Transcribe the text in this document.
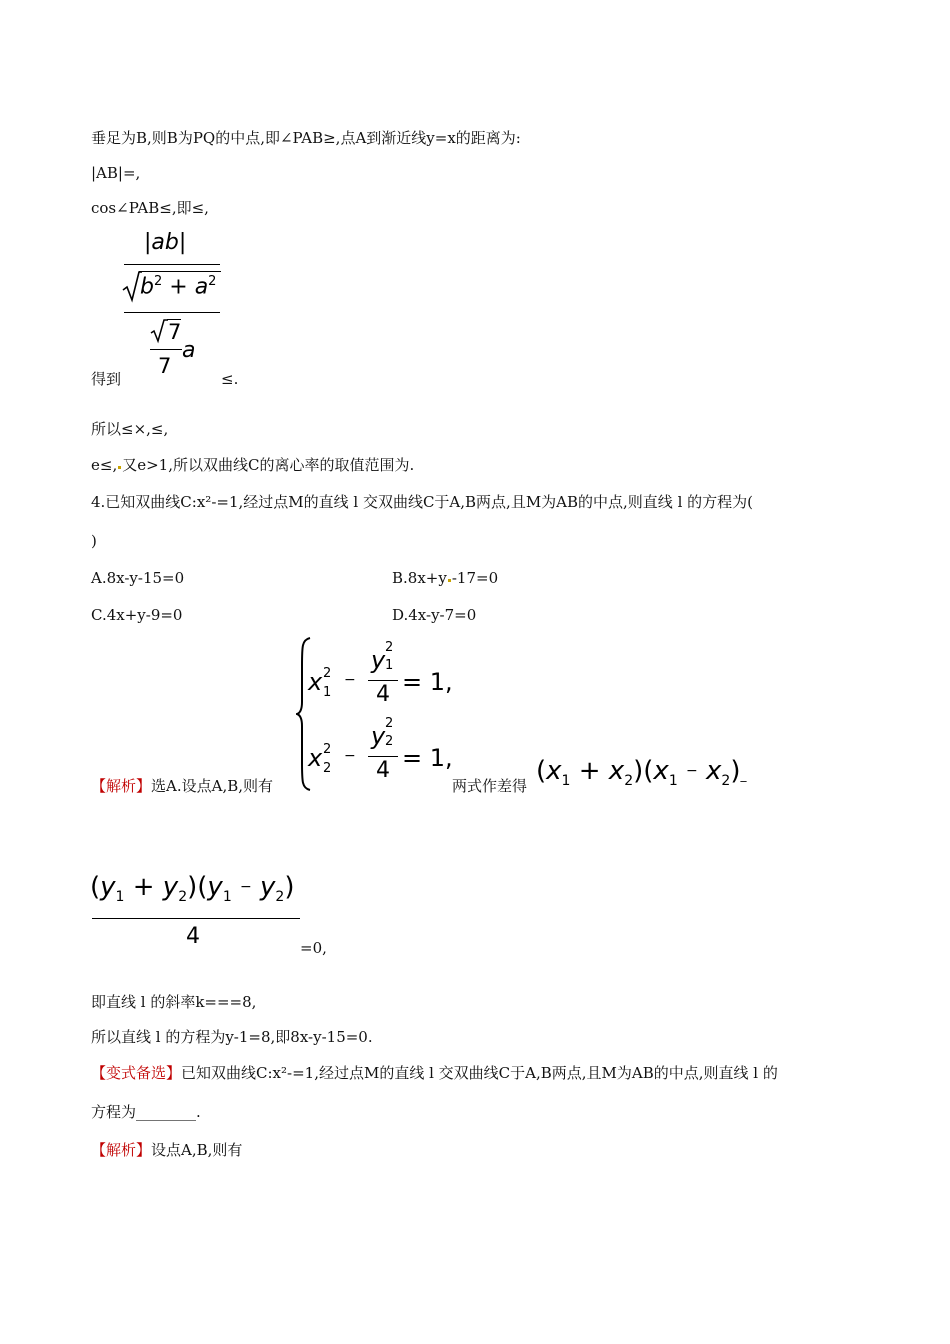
垂足为B,则B为PQ的中点,即∠PAB≥,点A到渐近线y=x的距离为:
|AB|=,
cos∠PAB≤,即≤,
|ab|
$b^2 + a^2$
7
7
a
得到	≤.
所以≤×,≤,
e≤, 又e>1,所以双曲线C的离心率的取值范围为.
4.已知双曲线C:x²-=1,经过点M的直线 l 交双曲线C于A,B两点,且M为AB的中点,则直线 l 的方程为(
)
A.8x-y-15=0	B.8x+y -17=0
C.4x+y-9=0	D.4x-y-7=0
x 2
1
−
y 2
1
4 = 1,
x 2
2
−
y 2
2
4 = 1,
【解析】选A.设点A,B,则有	两式作差得 $(x_1 + x_2)(x_1$ − $x_2)\_$
$(y_1 + y_2)(y_1 - y_2)$
4	=0,
即直线 l 的斜率k===8,
所以直线 l 的方程为y-1=8,即8x-y-15=0.
【变式备选】已知双曲线C:x²-=1,经过点M的直线 l 交双曲线C于A,B两点,且M为AB的中点,则直线 l 的
方程为________.
【解析】设点A,B,则有
